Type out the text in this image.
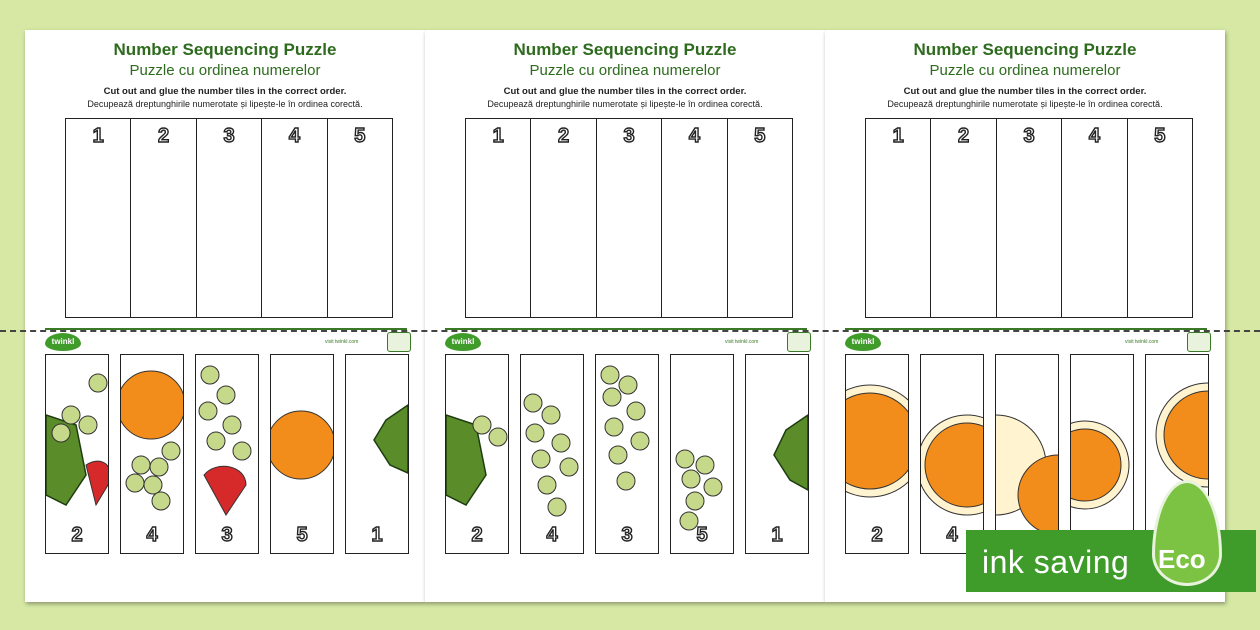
Number Sequencing Puzzle
Puzzle cu ordinea numerelor
Cut out and glue the number tiles in the correct order.
Decupează dreptunghirile numerotate și lipește-le în ordinea corectă.
1	2	3	4	5
twinkl	visit twinkl.com
Number Sequencing Puzzle
Puzzle cu ordinea numerelor
Cut out and glue the number tiles in the correct order.
Decupează dreptunghirile numerotate și lipește-le în ordinea corectă.
1	2	3	4	5
twinkl	visit twinkl.com
Number Sequencing Puzzle
Puzzle cu ordinea numerelor
Cut out and glue the number tiles in the correct order.
Decupează dreptunghirile numerotate și lipește-le în ordinea corectă.
1	2	3	4	5
twinkl	visit twinkl.com
2	4	3	5	1	2	4	3	5	1	2	4
ink saving Eco
